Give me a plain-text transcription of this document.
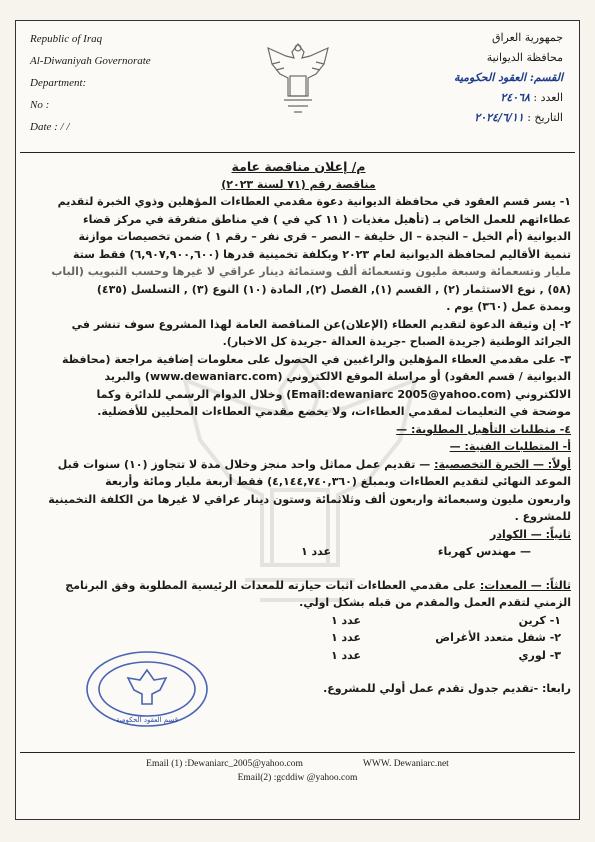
Republic of Iraq
Al-Diwaniyah Governorate
Department:
No :
Date : / /
جمهورية العراق
محافظة الديوانية
القسم: العقود الحكومية
العدد : ٢٤٠٦٨
التاريخ : ٢٠٢٤/٦/١١

م/ إعلان مناقصة عامة

مناقصة رقم (٧١ لسنة ٢٠٢٣)

١- يسر قسم العقود في محافظة الديوانية دعوة مقدمي العطاءات المؤهلين وذوي الخبرة لتقديم

عطاءاتهم للعمل الخاص بـ (تأهيل مغذيات ( ١١ كي في ) في مناطق متفرقة في مركز قضاء

الديوانية (أم الخيل – النجدة – ال خليفة – النصر – قرى نفر – رقم ١ ) ضمن تخصيصات موازنة

تنمية الأقاليم لمحافظة الديوانية لعام ٢٠٢٣ وبكلفة تخمينية قدرها (٦,٩٠٧,٩٠٠,٦٠٠) فقط ستة

مليار وتسعمائة وسبعة مليون وتسعمائة ألف وستمائة دينار عراقي لا غيرها وحسب التبويب (الباب

(٥٨) , نوع الاستثمار (٢) , القسم (١), الفصل (٢), المادة (١٠) النوع (٣) , التسلسل (٤٣٥)

وبمدة عمل (٣٦٠) يوم .

٢- إن وثيقة الدعوة لتقديم العطاء (الإعلان)عن المناقصة العامة لهذا المشروع سوف تنشر في

الجرائد الوطنية (جريدة الصباح -جريدة العدالة -جريدة كل الاخبار).

٣- على مقدمي العطاء المؤهلين والراغبين في الحصول على معلومات إضافية مراجعة (محافظة

الديوانية / قسم العقود) أو مراسلة الموقع الالكتروني (www.dewaniarc.com) والبريد

الالكتروني (Email:dewaniarc 2005@yahoo.com) وخلال الدوام الرسمي للدائرة وكما

موضحة في التعليمات لمقدمي العطاءات، ولا يخضع مقدمي العطاءات المحليين للأفضلية.

٤- متطلبات التأهيل المطلوبة: —

أ- المتطلبات الفنية: —

أولاً: — الخبرة التخصصية: — تقديم عمل مماثل واحد منجز وخلال مدة لا تتجاوز (١٠) سنوات قبل

الموعد النهائي لتقديم العطاءات وبمبلغ (٤,١٤٤,٧٤٠,٣٦٠) فقط أربعة مليار ومائة وأربعة

واربعون مليون وسبعمائة واربعون ألف وثلاثمائة وستون دينار عراقي لا غيرها من الكلفة التخمينية

للمشروع .

ثانياً: — الكوادر

— مهندس كهرباء
عدد ١

ثالثاً: — المعدات: على مقدمي العطاءات اثبات حيازته للمعدات الرئيسية المطلوبة وفق البرنامج

الزمني لتقدم العمل والمقدم من قبله بشكل اولي.

١- كرين
عدد ١
٢- شفل متعدد الأغراض
عدد ١
٣- لوري
عدد ١

رابعا: -تقديم جدول تقدم عمل أولي للمشروع.

قسم العقود الحكومية
Email (1) :Dewaniarc_2005@yahoo.com	WWW. Dewaniarc.net
Email(2) :gcddiw @yahoo.com
